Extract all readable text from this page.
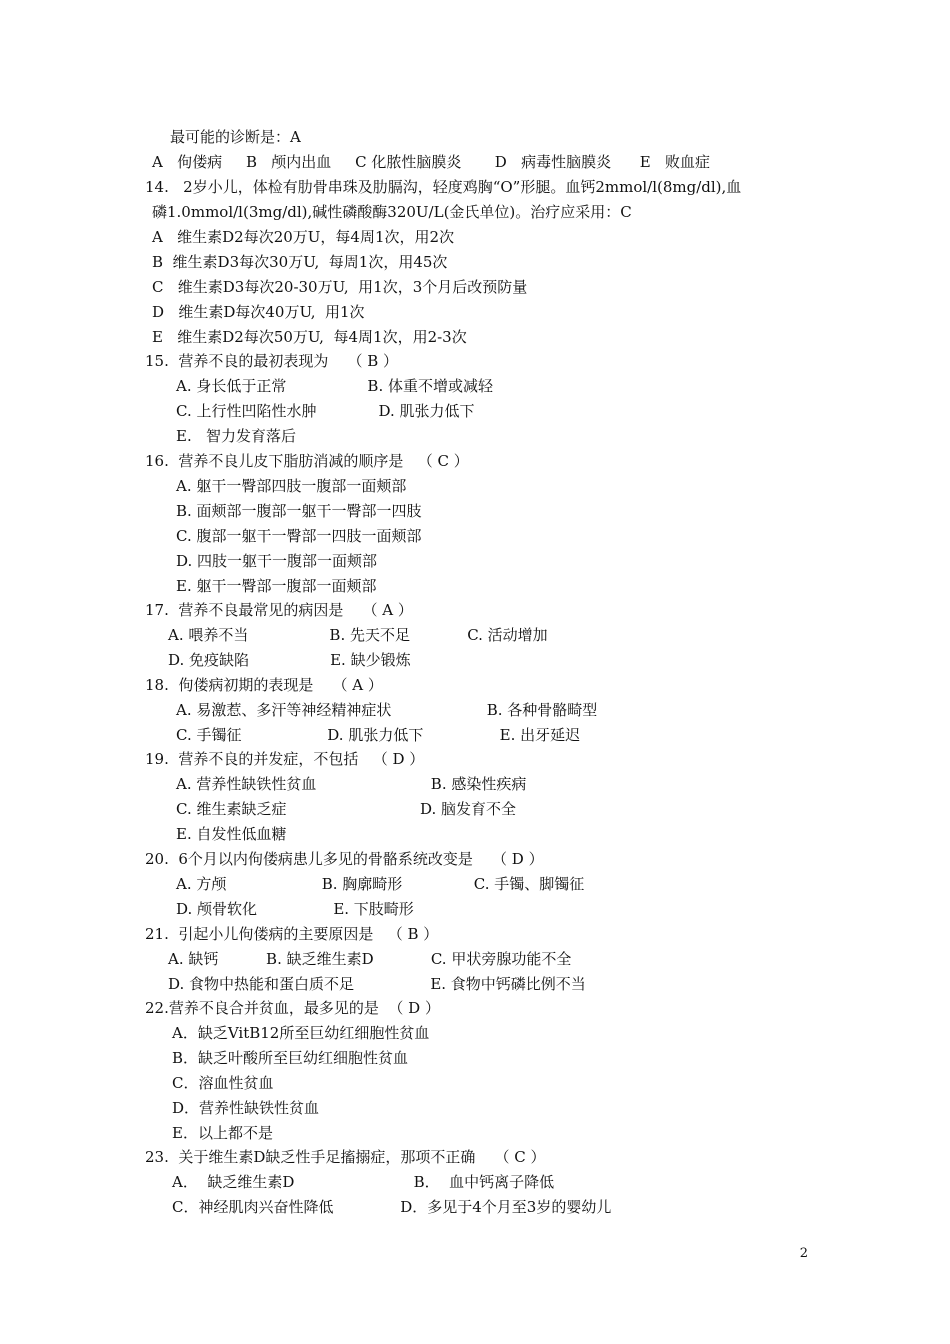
最可能的诊断是：A
A   佝偻病     B   颅内出血     C 化脓性脑膜炎       D   病毒性脑膜炎      E   败血症
14.   2岁小儿，体检有肋骨串珠及肋膈沟，轻度鸡胸“O”形腿。血钙2mmol/l(8mg/dl),血
磷1.0mmol/l(3mg/dl),碱性磷酸酶320U/L(金氏单位)。治疗应采用：C
A   维生素D2每次20万U，每4周1次，用2次
B  维生素D3每次30万U,  每周1次，用45次
C   维生素D3每次20-30万U,  用1次，3个月后改预防量
D   维生素D每次40万U,  用1次
E   维生素D2每次50万U,  每4周1次，用2-3次
15.  营养不良的最初表现为    （ B ）
A. 身长低于正常                 B. 体重不增或减轻
C. 上行性凹陷性水肿             D. 肌张力低下
E.   智力发育落后
16.  营养不良儿皮下脂肪消减的顺序是   （ C ）
A. 躯干一臀部四肢一腹部一面颊部
B. 面颊部一腹部一躯干一臀部一四肢
C. 腹部一躯干一臀部一四肢一面颊部
D. 四肢一躯干一腹部一面颊部
E. 躯干一臀部一腹部一面颊部
17.  营养不良最常见的病因是    （ A ）
A. 喂养不当                 B. 先天不足            C. 活动增加
D. 免疫缺陷                 E. 缺少锻炼
18.  佝偻病初期的表现是    （ A ）
A. 易激惹、多汗等神经精神症状                    B. 各种骨骼畸型
C. 手镯征                  D. 肌张力低下                E. 出牙延迟
19.  营养不良的并发症，不包括   （ D ）
A. 营养性缺铁性贫血                        B. 感染性疾病
C. 维生素缺乏症                            D. 脑发育不全
E. 自发性低血糖
20.  6个月以内佝偻病患儿多见的骨骼系统改变是    （ D ）
A. 方颅                    B. 胸廓畸形               C. 手镯、脚镯征
D. 颅骨软化                E. 下肢畸形
21.  引起小儿佝偻病的主要原因是   （ B ）
A. 缺钙          B. 缺乏维生素D            C. 甲状旁腺功能不全
D. 食物中热能和蛋白质不足                E. 食物中钙磷比例不当
22.营养不良合并贫血，最多见的是  （ D ）
A．缺乏VitB12所至巨幼红细胞性贫血
B．缺乏叶酸所至巨幼红细胞性贫血
C．溶血性贫血
D．营养性缺铁性贫血
E．以上都不是
23.  关于维生素D缺乏性手足搐搦症，那项不正确    （ C ）
A．  缺乏维生素D                         B．  血中钙离子降低
C．神经肌肉兴奋性降低              D．多见于4个月至3岁的婴幼儿
2
